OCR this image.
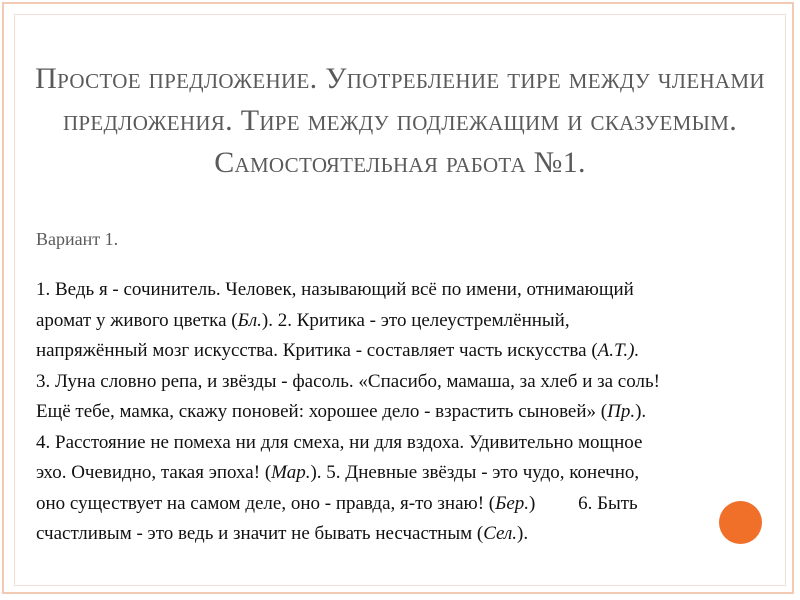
Простое предложение. Употребление тире между членами
предложения. Тире между подлежащим и сказуемым.
Самостоятельная работа №1.
Вариант 1.
1. Ведь я - сочинитель. Человек, называющий всё по имени, отнимающий
аромат у живого цветка (Бл.). 2. Критика - это целеустремлённый,
напряжённый мозг искусства. Критика - составляет часть искусства (А.Т.).
3. Луна словно репа, и звёзды - фасоль. «Спасибо, мамаша, за хлеб и за соль!
Ещё тебе, мамка, скажу поновей: хорошее дело - взрастить сыновей» (Пр.).
4. Расстояние не помеха ни для смеха, ни для вздоха. Удивительно мощное
эхо. Очевидно, такая эпоха! (Мар.). 5. Дневные звёзды - это чудо, конечно,
оно существует на самом деле, оно - правда, я-то знаю! (Бер.)         6. Быть
счастливым - это ведь и значит не бывать несчастным (Сел.).
